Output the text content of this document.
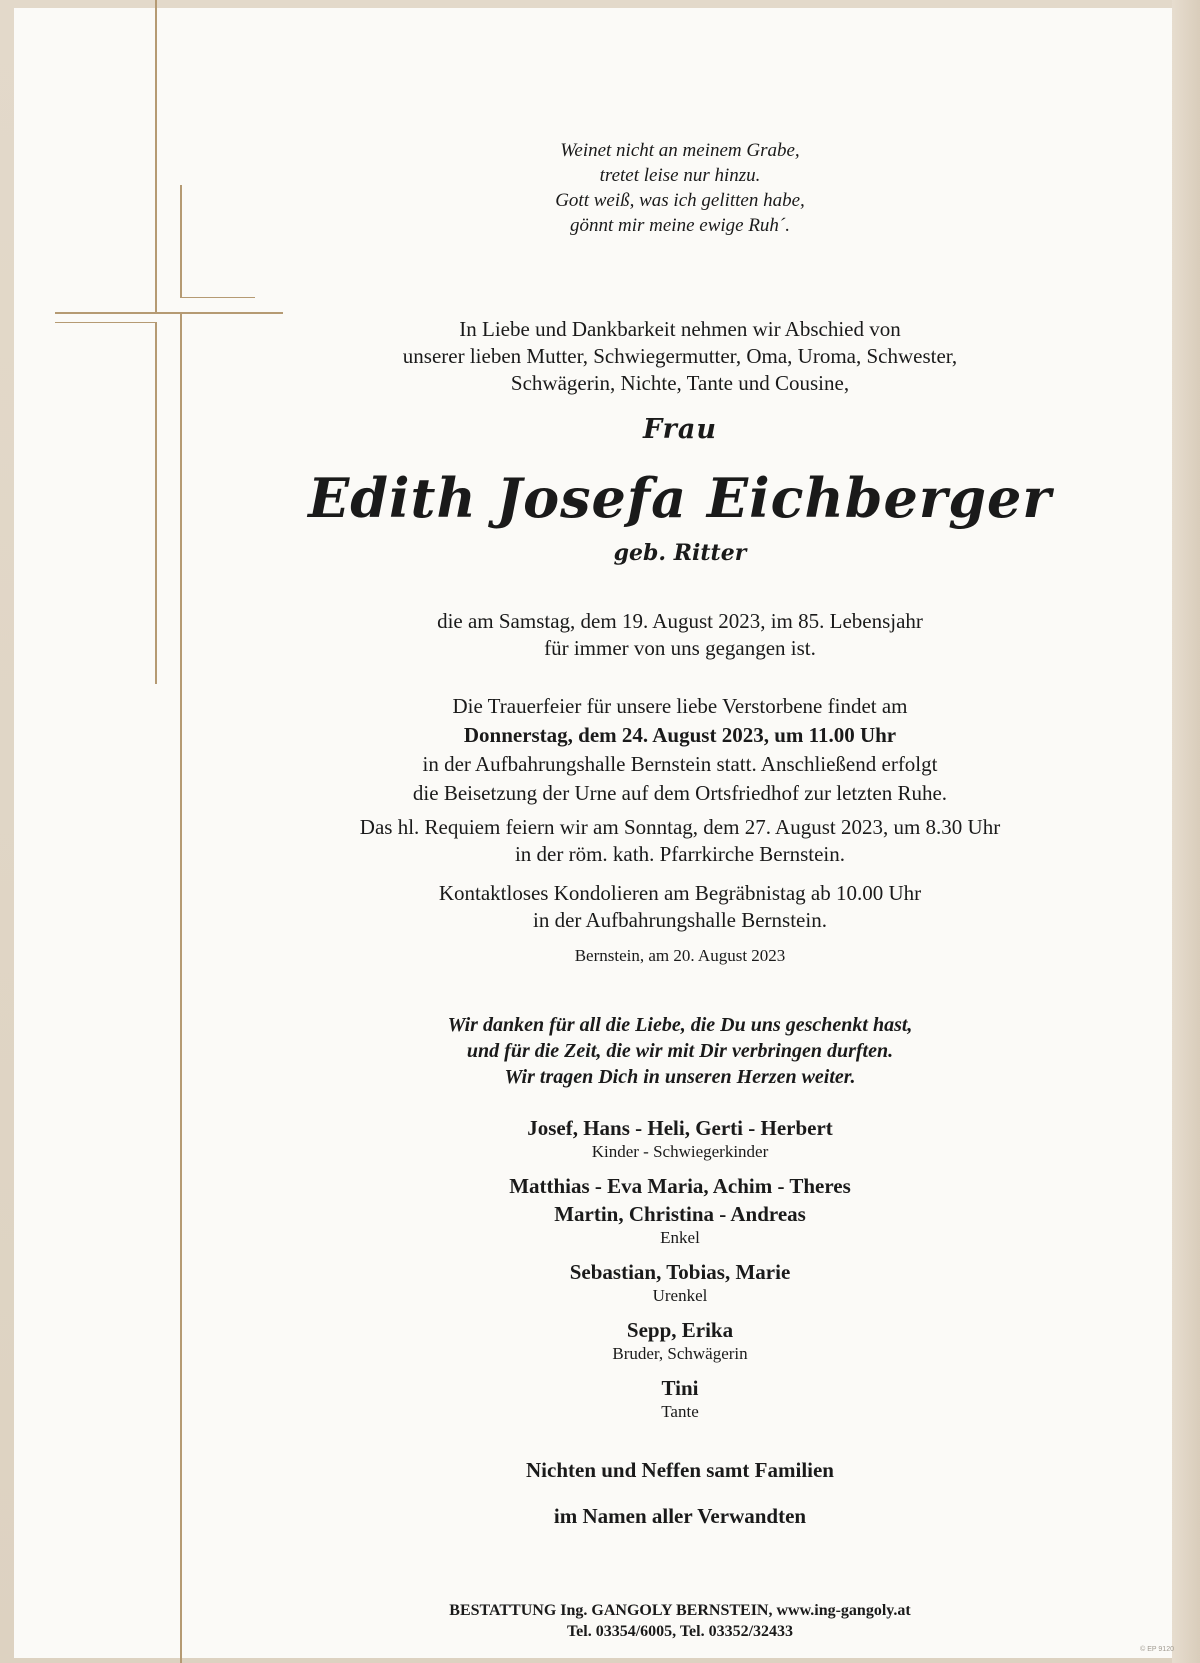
Weinet nicht an meinem Grabe,
tretet leise nur hinzu.
Gott weiß, was ich gelitten habe,
gönnt mir meine ewige Ruh´.
In Liebe und Dankbarkeit nehmen wir Abschied von
unserer lieben Mutter, Schwiegermutter, Oma, Uroma, Schwester,
Schwägerin, Nichte, Tante und Cousine,
Frau
Edith Josefa Eichberger
geb. Ritter
die am Samstag, dem 19. August 2023, im 85. Lebensjahr
für immer von uns gegangen ist.
Die Trauerfeier für unsere liebe Verstorbene findet am
Donnerstag, dem 24. August 2023, um 11.00 Uhr
in der Aufbahrungshalle Bernstein statt. Anschließend erfolgt
die Beisetzung der Urne auf dem Ortsfriedhof zur letzten Ruhe.
Das hl. Requiem feiern wir am Sonntag, dem 27. August 2023, um 8.30 Uhr
in der röm. kath. Pfarrkirche Bernstein.
Kontaktloses Kondolieren am Begräbnistag ab 10.00 Uhr
in der Aufbahrungshalle Bernstein.
Bernstein, am 20. August 2023
Wir danken für all die Liebe, die Du uns geschenkt hast,
und für die Zeit, die wir mit Dir verbringen durften.
Wir tragen Dich in unseren Herzen weiter.
Josef, Hans - Heli, Gerti - Herbert
Kinder - Schwiegerkinder
Matthias - Eva Maria, Achim - Theres
Martin, Christina - Andreas
Enkel
Sebastian, Tobias, Marie
Urenkel
Sepp, Erika
Bruder, Schwägerin
Tini
Tante
Nichten und Neffen samt Familien
im Namen aller Verwandten
BESTATTUNG Ing. GANGOLY BERNSTEIN, www.ing-gangoly.at
Tel. 03354/6005, Tel. 03352/32433
© EP 9120
